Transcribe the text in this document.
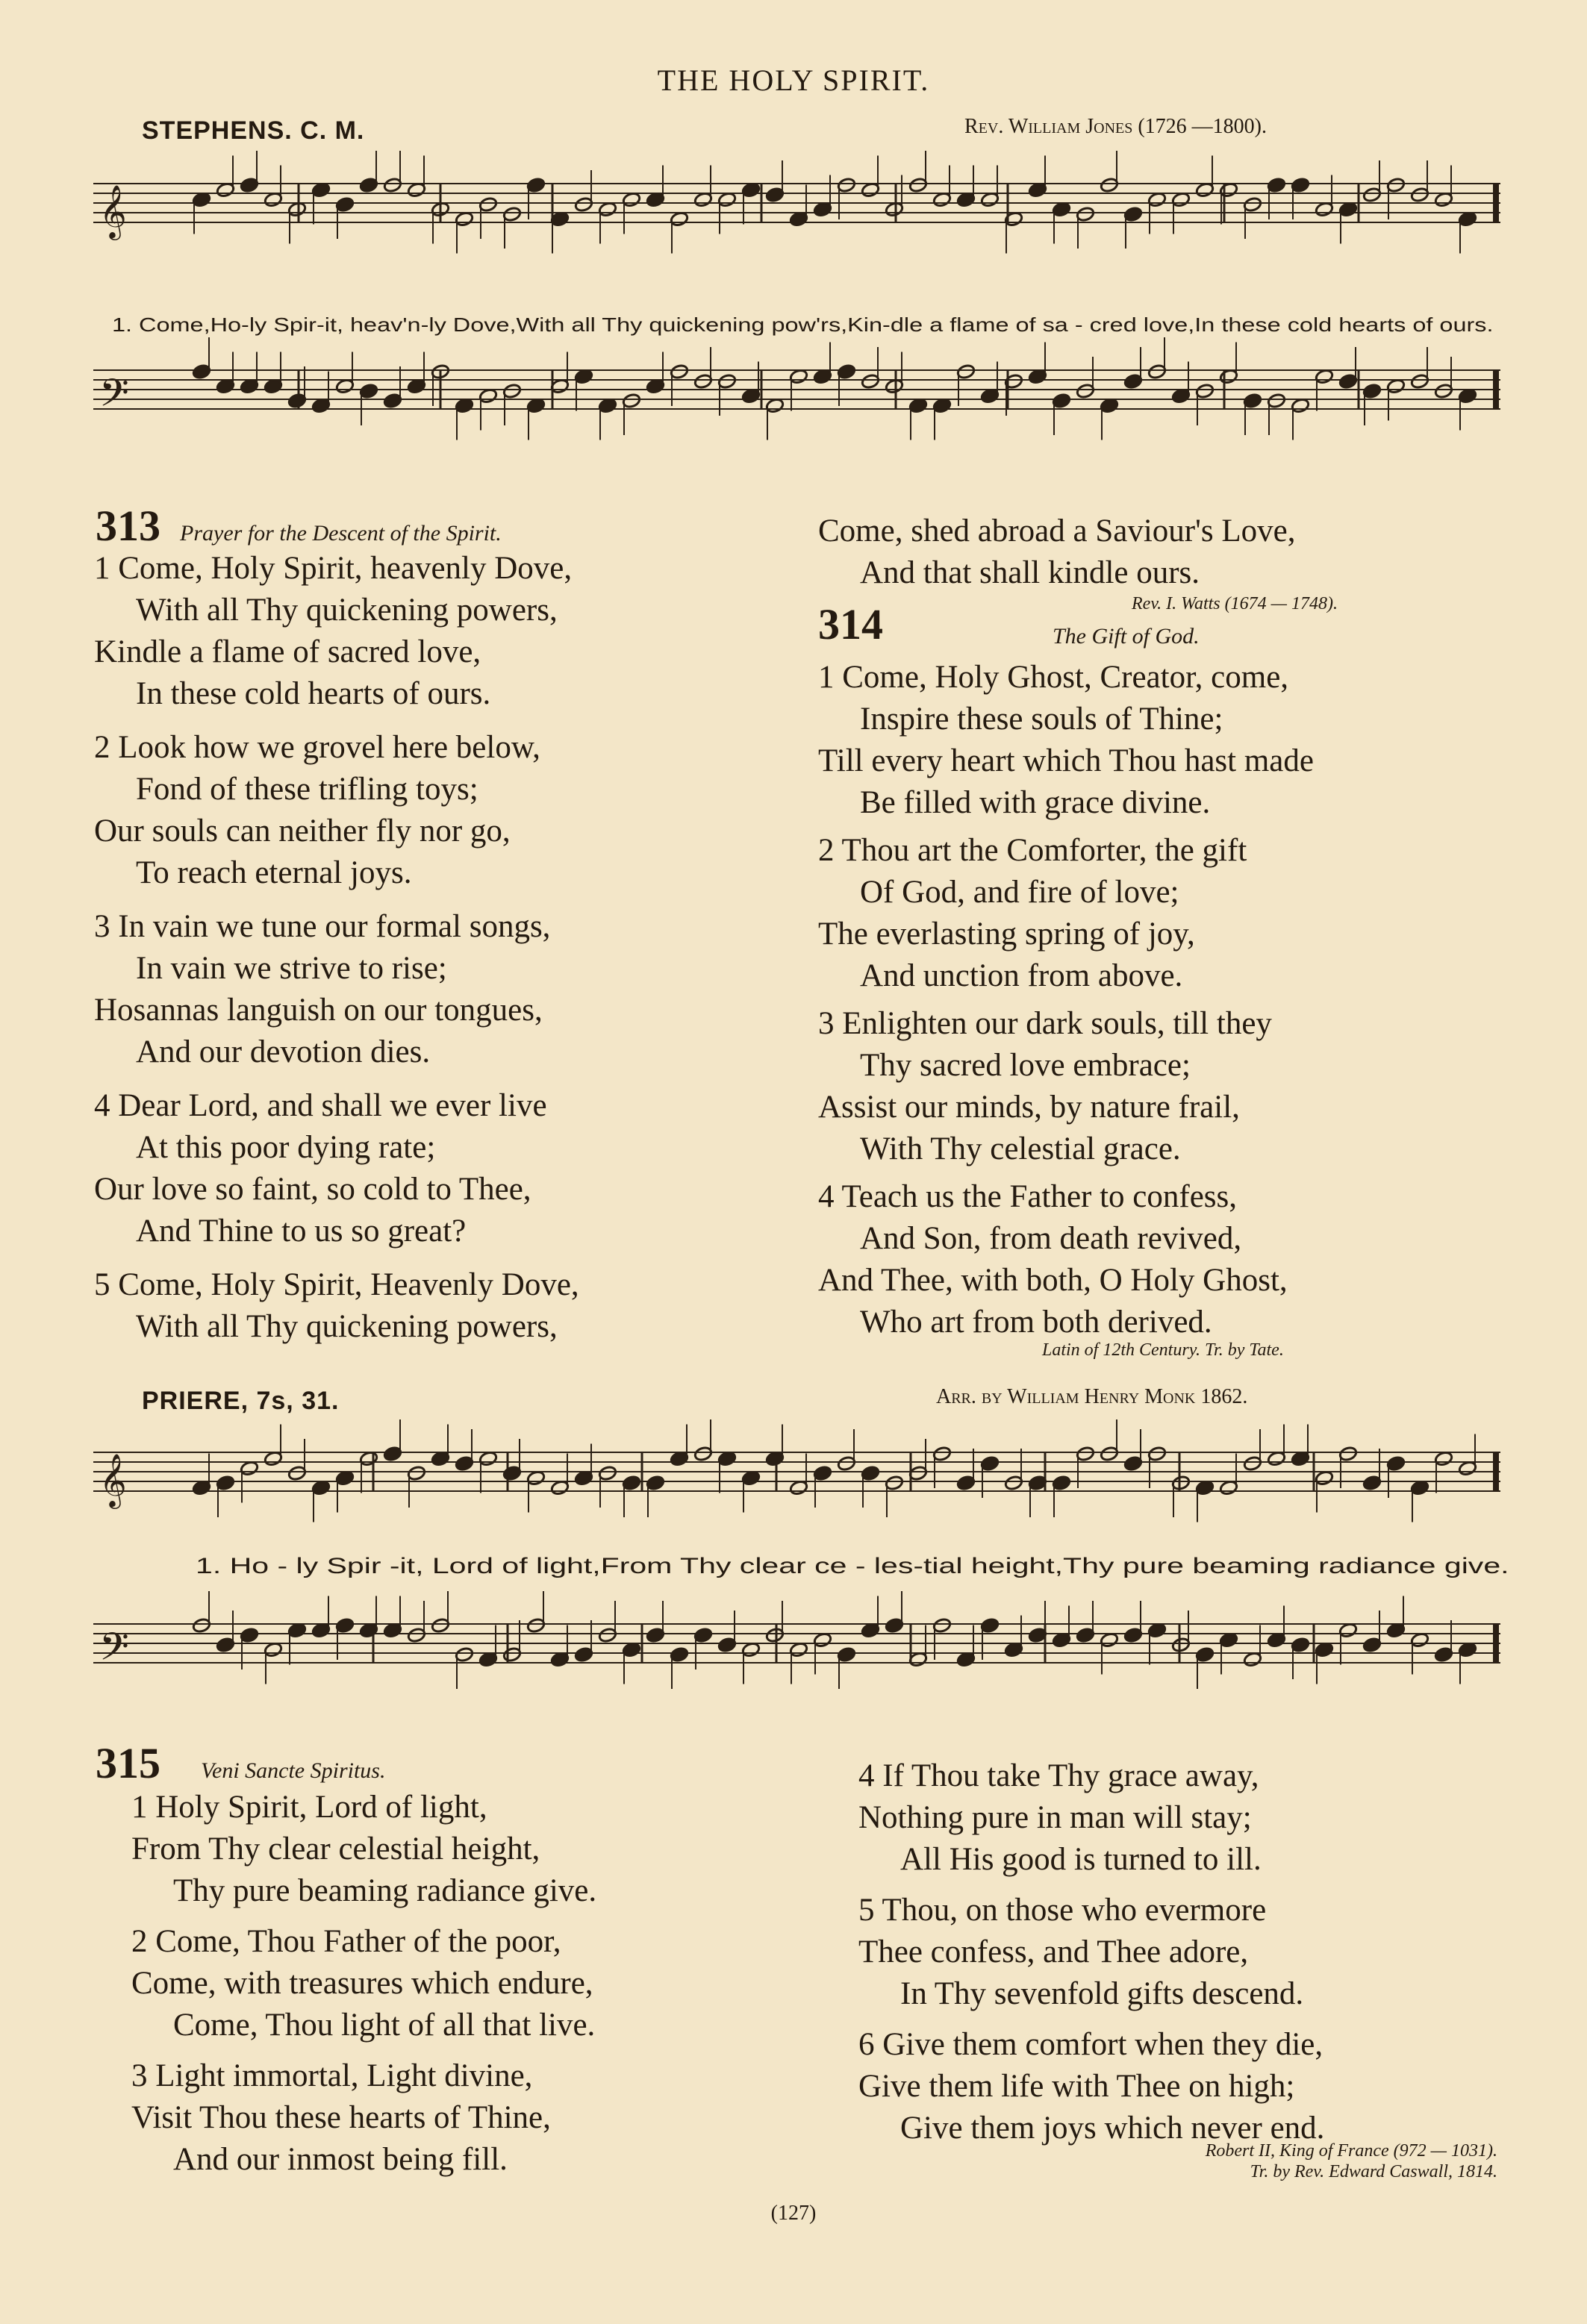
THE HOLY SPIRIT.
STEPHENS. C. M.	Rev. William Jones (1726 —1800).
𝄞
𝄢
1. Come,Ho-ly Spir-it, heav'n-ly Dove,With all Thy quickening pow'rs,Kin-dle a flame of sa - cred love,In these cold hearts of ours.
313 Prayer for the Descent of the Spirit.
1 Come, Holy Spirit, heavenly Dove,
With all Thy quickening powers,
Kindle a flame of sacred love,
In these cold hearts of ours.
2 Look how we grovel here below,
Fond of these trifling toys;
Our souls can neither fly nor go,
To reach eternal joys.
3 In vain we tune our formal songs,
In vain we strive to rise;
Hosannas languish on our tongues,
And our devotion dies.
4 Dear Lord, and shall we ever live
At this poor dying rate;
Our love so faint, so cold to Thee,
And Thine to us so great?
5 Come, Holy Spirit, Heavenly Dove,
With all Thy quickening powers,
Come, shed abroad a Saviour's Love,
And that shall kindle ours.
314	Rev. I. Watts (1674 — 1748).
The Gift of God.
1 Come, Holy Ghost, Creator, come,
Inspire these souls of Thine;
Till every heart which Thou hast made
Be filled with grace divine.
2 Thou art the Comforter, the gift
Of God, and fire of love;
The everlasting spring of joy,
And unction from above.
3 Enlighten our dark souls, till they
Thy sacred love embrace;
Assist our minds, by nature frail,
With Thy celestial grace.
4 Teach us the Father to confess,
And Son, from death revived,
And Thee, with both, O Holy Ghost,
Who art from both derived.
Latin of 12th Century. Tr. by Tate.
PRIERE, 7s, 31.	Arr. by William Henry Monk 1862.
𝄞
𝄢
1. Ho - ly Spir -it, Lord of light,From Thy clear ce - les-tial height,Thy pure beaming radiance give.
315 Veni Sancte Spiritus.
1 Holy Spirit, Lord of light,
From Thy clear celestial height,
Thy pure beaming radiance give.
2 Come, Thou Father of the poor,
Come, with treasures which endure,
Come, Thou light of all that live.
3 Light immortal, Light divine,
Visit Thou these hearts of Thine,
And our inmost being fill.
4 If Thou take Thy grace away,
Nothing pure in man will stay;
All His good is turned to ill.
5 Thou, on those who evermore
Thee confess, and Thee adore,
In Thy sevenfold gifts descend.
6 Give them comfort when they die,
Give them life with Thee on high;
Give them joys which never end.
Robert II, King of France (972 — 1031).
Tr. by Rev. Edward Caswall, 1814.
(127)
